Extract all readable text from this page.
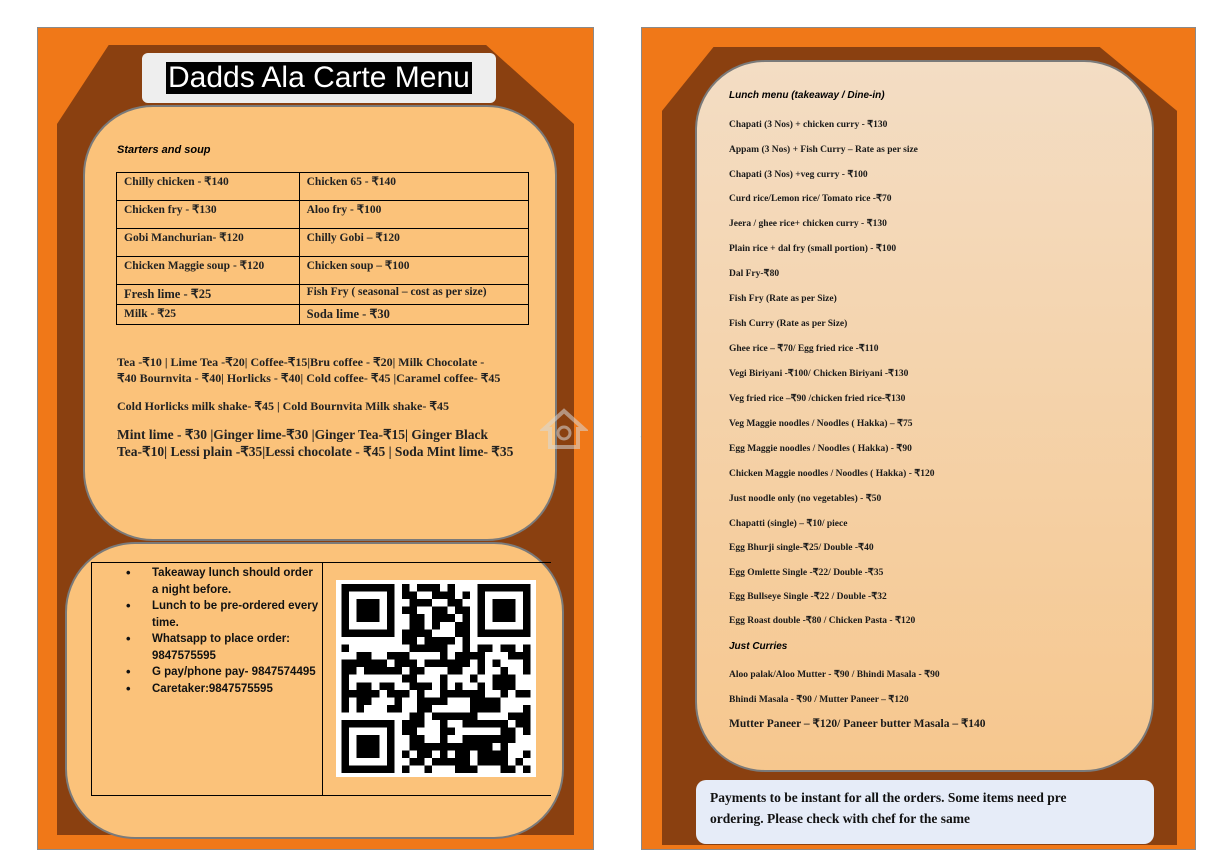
Dadds Ala Carte Menu
Starters and soup
Chilly chicken - ₹140	Chicken 65 - ₹140
Chicken fry - ₹130	Aloo fry - ₹100
Gobi Manchurian- ₹120	Chilly Gobi – ₹120
Chicken Maggie soup - ₹120	Chicken soup – ₹100
Fresh lime - ₹25	Fish Fry ( seasonal – cost as per size)
Milk - ₹25	Soda lime - ₹30
Tea -₹10 | Lime Tea -₹20| Coffee-₹15|Bru coffee - ₹20| Milk Chocolate -
₹40 Bournvita - ₹40| Horlicks - ₹40| Cold coffee- ₹45 |Caramel coffee- ₹45
Cold Horlicks milk shake- ₹45 | Cold Bournvita Milk shake- ₹45
Mint lime - ₹30 |Ginger lime-₹30 |Ginger Tea-₹15| Ginger Black
Tea-₹10| Lessi plain -₹35|Lessi chocolate - ₹45 | Soda Mint lime- ₹35
• Takeaway lunch should order a night before.
• Lunch to be pre-ordered every time.
• Whatsapp to place order: 9847575595
• G pay/phone pay- 9847574495
• Caretaker:9847575595
Lunch menu (takeaway / Dine-in)
Chapati (3 Nos) + chicken curry - ₹130
Appam (3 Nos) + Fish Curry – Rate as per size
Chapati (3 Nos) +veg curry - ₹100
Curd rice/Lemon rice/ Tomato rice -₹70
Jeera / ghee rice+ chicken curry - ₹130
Plain rice + dal fry (small portion) - ₹100
Dal Fry-₹80
Fish Fry (Rate as per Size)
Fish Curry (Rate as per Size)
Ghee rice – ₹70/ Egg fried rice -₹110
Vegi Biriyani -₹100/ Chicken Biriyani -₹130
Veg fried rice –₹90 /chicken fried rice-₹130
Veg Maggie noodles / Noodles ( Hakka) – ₹75
Egg Maggie noodles / Noodles ( Hakka) - ₹90
Chicken Maggie noodles / Noodles ( Hakka) - ₹120
Just noodle only (no vegetables) - ₹50
Chapatti (single) – ₹10/ piece
Egg Bhurji single-₹25/ Double -₹40
Egg Omlette Single -₹22/ Double -₹35
Egg Bullseye Single -₹22 / Double -₹32
Egg Roast double -₹80 / Chicken Pasta - ₹120
Just Curries
Aloo palak/Aloo Mutter - ₹90 / Bhindi Masala - ₹90
Bhindi Masala - ₹90 / Mutter Paneer – ₹120
Mutter Paneer – ₹120/ Paneer butter Masala – ₹140
Payments to be instant for all the orders. Some items need pre
ordering. Please check with chef for the same
